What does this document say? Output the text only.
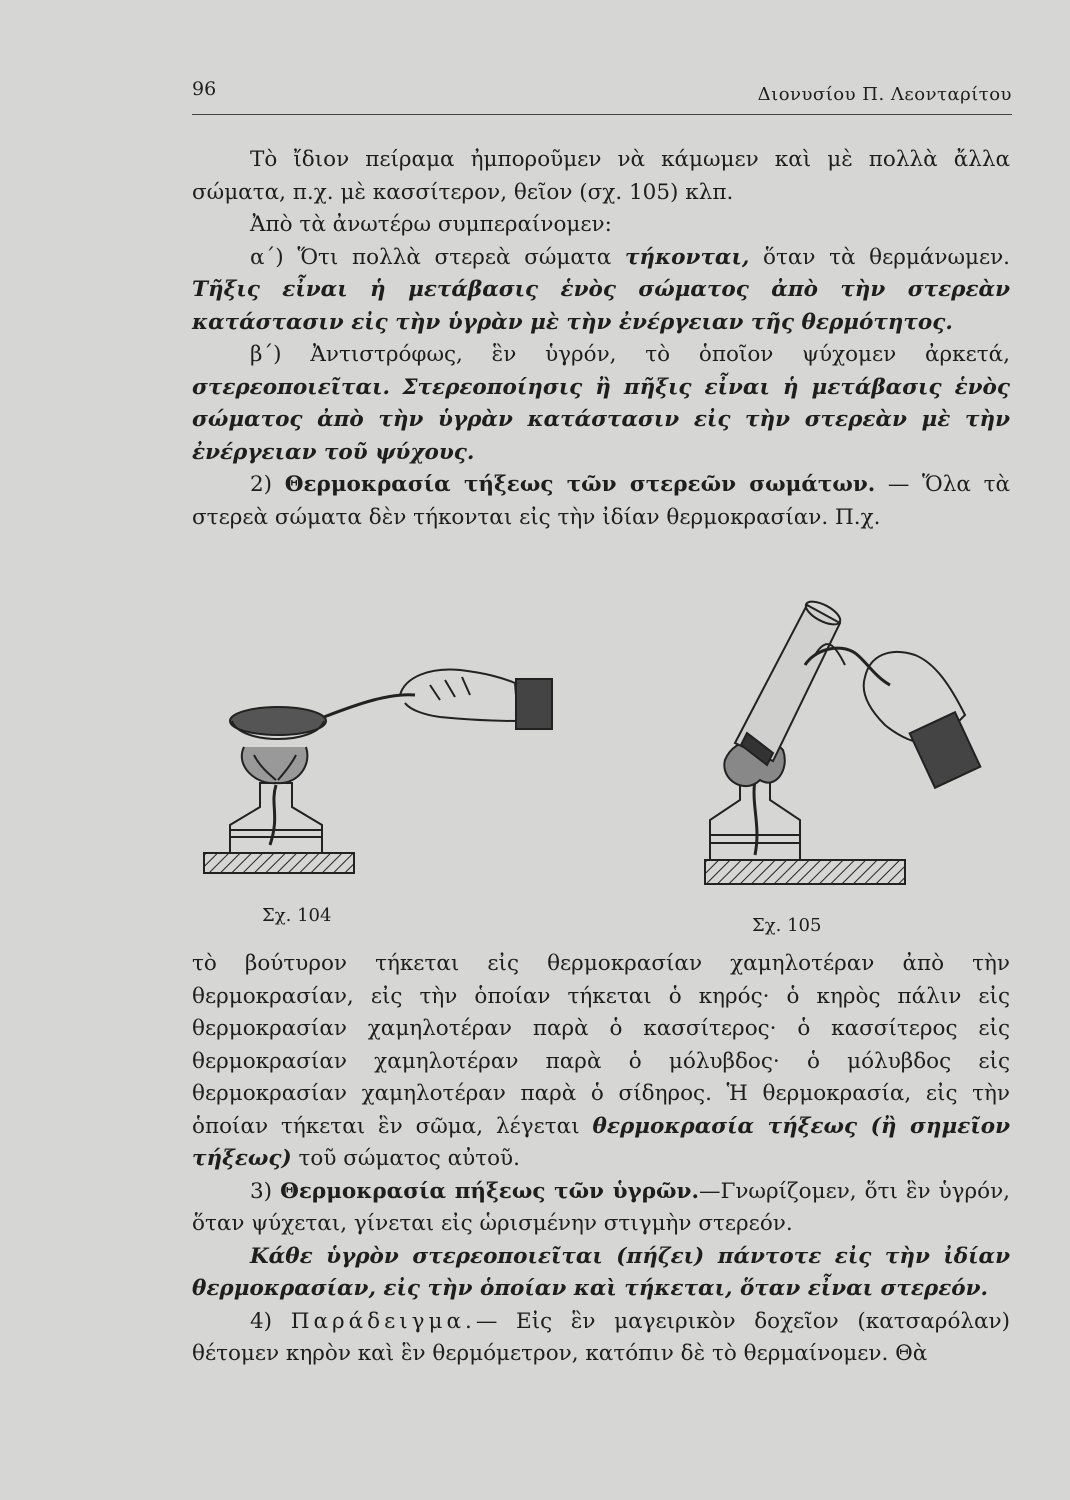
96	Διονυσίου Π. Λεονταρίτου

Τὸ ἴδιον πείραμα ἠμποροῦμεν νὰ κάμωμεν καὶ μὲ πολλὰ ἄλλα σώματα, π.χ. μὲ κασσίτερον, θεῖον (σχ. 105) κλπ.

Ἀπὸ τὰ ἀνωτέρω συμπεραίνομεν:

α΄) Ὅτι πολλὰ στερεὰ σώματα τήκονται, ὅταν τὰ θερμάνωμεν. Τῆξις εἶναι ἡ μετάβασις ἑνὸς σώματος ἀπὸ τὴν στερεὰν κατάστασιν εἰς τὴν ὑγρὰν μὲ τὴν ἐνέργειαν τῆς θερμότητος.

β΄) Ἀντιστρόφως, ἓν ὑγρόν, τὸ ὁποῖον ψύχομεν ἀρκετά, στερεοποιεῖται. Στερεοποίησις ἢ πῆξις εἶναι ἡ μετάβασις ἑνὸς σώματος ἀπὸ τὴν ὑγρὰν κατάστασιν εἰς τὴν στερεὰν μὲ τὴν ἐνέργειαν τοῦ ψύχους.

2) Θερμοκρασία τήξεως τῶν στερεῶν σωμάτων. — Ὅλα τὰ στερεὰ σώματα δὲν τήκονται εἰς τὴν ἰδίαν θερμοκρασίαν. Π.χ.

Σχ. 104	Σχ. 105

τὸ βούτυρον τήκεται εἰς θερμοκρασίαν χαμηλοτέραν ἀπὸ τὴν θερμοκρασίαν, εἰς τὴν ὁποίαν τήκεται ὁ κηρός· ὁ κηρὸς πάλιν εἰς θερμοκρασίαν χαμηλοτέραν παρὰ ὁ κασσίτερος· ὁ κασσίτερος εἰς θερμοκρασίαν χαμηλοτέραν παρὰ ὁ μόλυβδος· ὁ μόλυβδος εἰς θερμοκρασίαν χαμηλοτέραν παρὰ ὁ σίδηρος. Ἡ θερμοκρασία, εἰς τὴν ὁποίαν τήκεται ἓν σῶμα, λέγεται θερμοκρασία τήξεως (ἢ σημεῖον τήξεως) τοῦ σώματος αὐτοῦ.

3) Θερμοκρασία πήξεως τῶν ὑγρῶν.—Γνωρίζομεν, ὅτι ἓν ὑγρόν, ὅταν ψύχεται, γίνεται εἰς ὡρισμένην στιγμὴν στερεόν.

Κάθε ὑγρὸν στερεοποιεῖται (πήζει) πάντοτε εἰς τὴν ἰδίαν θερμοκρασίαν, εἰς τὴν ὁποίαν καὶ τήκεται, ὅταν εἶναι στερεόν.

4) Παράδειγμα.— Εἰς ἓν μαγειρικὸν δοχεῖον (κατσαρόλαν) θέτομεν κηρὸν καὶ ἓν θερμόμετρον, κατόπιν δὲ τὸ θερμαίνομεν. Θὰ
